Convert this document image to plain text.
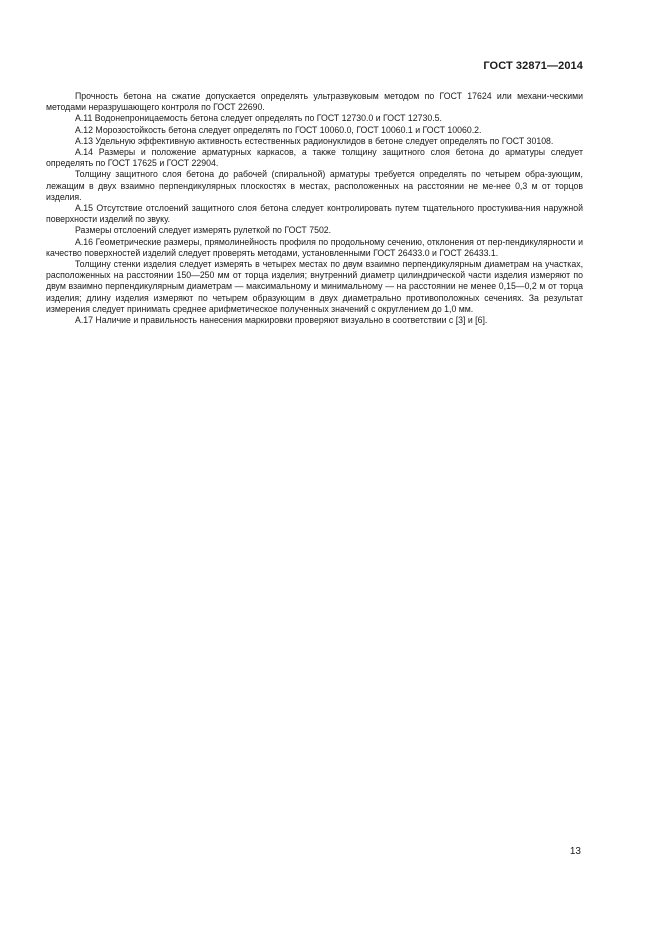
ГОСТ 32871—2014

Прочность бетона на сжатие допускается определять ультразвуковым методом по ГОСТ 17624 или механи-ческими методами неразрушающего контроля по ГОСТ 22690.

А.11 Водонепроницаемость бетона следует определять по ГОСТ 12730.0 и ГОСТ 12730.5.

А.12 Морозостойкость бетона следует определять по ГОСТ 10060.0, ГОСТ 10060.1 и ГОСТ 10060.2.

А.13 Удельную эффективную активность естественных радионуклидов в бетоне следует определять по ГОСТ 30108.

А.14 Размеры и положение арматурных каркасов, а также толщину защитного слоя бетона до арматуры следует определять по ГОСТ 17625 и ГОСТ 22904.

Толщину защитного слоя бетона до рабочей (спиральной) арматуры требуется определять по четырем обра-зующим, лежащим в двух взаимно перпендикулярных плоскостях в местах, расположенных на расстоянии не ме-нее 0,3 м от торцов изделия.

А.15 Отсутствие отслоений защитного слоя бетона следует контролировать путем тщательного простукива-ния наружной поверхности изделий по звуку.

Размеры отслоений следует измерять рулеткой по ГОСТ 7502.

А.16 Геометрические размеры, прямолинейность профиля по продольному сечению, отклонения от пер-пендикулярности и качество поверхностей изделий следует проверять методами, установленными ГОСТ 26433.0 и ГОСТ 26433.1.

Толщину стенки изделия следует измерять в четырех местах по двум взаимно перпендикулярным диаметрам на участках, расположенных на расстоянии 150—250 мм от торца изделия; внутренний диаметр цилиндрической части изделия измеряют по двум взаимно перпендикулярным диаметрам — максимальному и минимальному — на расстоянии не менее 0,15—0,2 м от торца изделия; длину изделия измеряют по четырем образующим в двух диаметрально противоположных сечениях. За результат измерения следует принимать среднее арифметическое полученных значений с округлением до 1,0 мм.

А.17 Наличие и правильность нанесения маркировки проверяют визуально в соответствии с [3] и [6].

13
